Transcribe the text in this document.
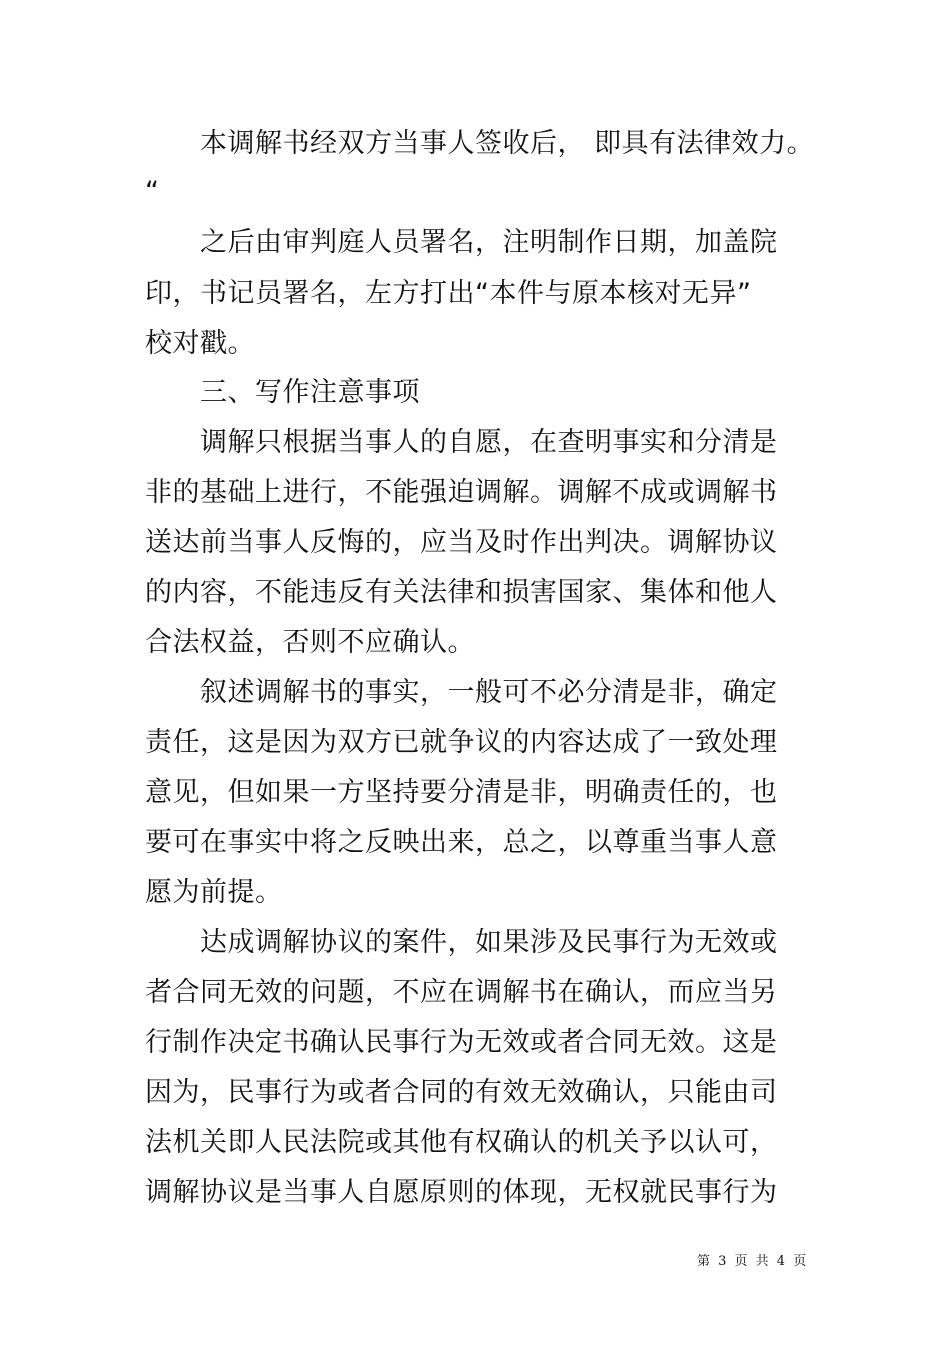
本调解书经双方当事人签收后， 即具有法律效力。
“
之后由审判庭人员署名，注明制作日期，加盖院
印，书记员署名，左方打出“本件与原本核对无异”
校对戳。
三、写作注意事项
调解只根据当事人的自愿，在查明事实和分清是
非的基础上进行，不能强迫调解。调解不成或调解书
送达前当事人反悔的，应当及时作出判决。调解协议
的内容，不能违反有关法律和损害国家、集体和他人
合法权益，否则不应确认。
叙述调解书的事实，一般可不必分清是非，确定
责任，这是因为双方已就争议的内容达成了一致处理
意见，但如果一方坚持要分清是非，明确责任的，也
要可在事实中将之反映出来，总之，以尊重当事人意
愿为前提。
达成调解协议的案件，如果涉及民事行为无效或
者合同无效的问题，不应在调解书在确认，而应当另
行制作决定书确认民事行为无效或者合同无效。这是
因为，民事行为或者合同的有效无效确认，只能由司
法机关即人民法院或其他有权确认的机关予以认可，
调解协议是当事人自愿原则的体现，无权就民事行为
第 3 页 共 4 页
